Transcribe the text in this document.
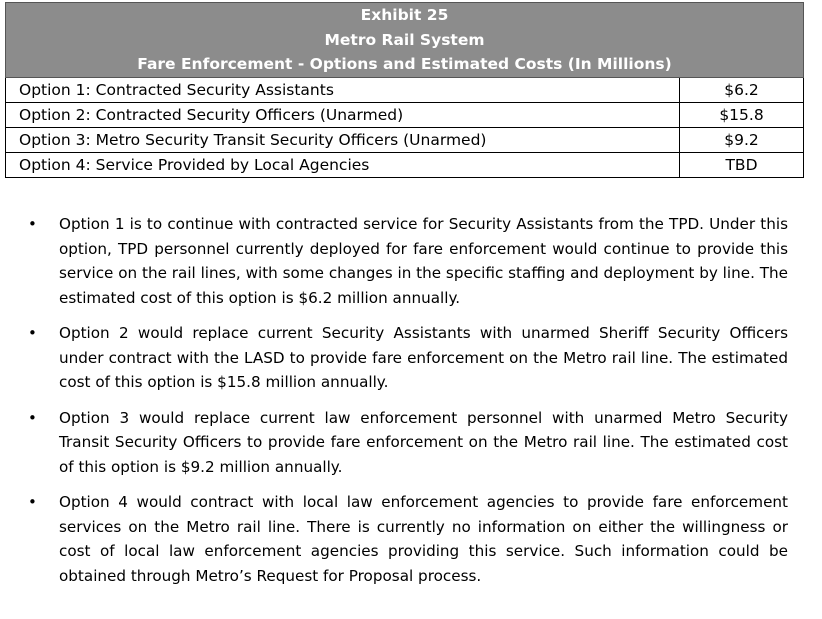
Exhibit 25
Metro Rail System
Fare Enforcement - Options and Estimated Costs (In Millions)	

Option 1: Contracted Security Assistants	$6.2
Option 2: Contracted Security Officers (Unarmed)	$15.8
Option 3: Metro Security Transit Security Officers (Unarmed)	$9.2
Option 4: Service Provided by Local Agencies	TBD
• Option 1 is to continue with contracted service for Security Assistants from the TPD. Under this option, TPD personnel currently deployed for fare enforcement would continue to provide this service on the rail lines, with some changes in the specific staffing and deployment by line. The estimated cost of this option is $6.2 million annually.
• Option 2 would replace current Security Assistants with unarmed Sheriff Security Officers under contract with the LASD to provide fare enforcement on the Metro rail line. The estimated cost of this option is $15.8 million annually.
• Option 3 would replace current law enforcement personnel with unarmed Metro Security Transit Security Officers to provide fare enforcement on the Metro rail line. The estimated cost of this option is $9.2 million annually.
• Option 4 would contract with local law enforcement agencies to provide fare enforcement services on the Metro rail line. There is currently no information on either the willingness or cost of local law enforcement agencies providing this service. Such information could be obtained through Metro’s Request for Proposal process.
